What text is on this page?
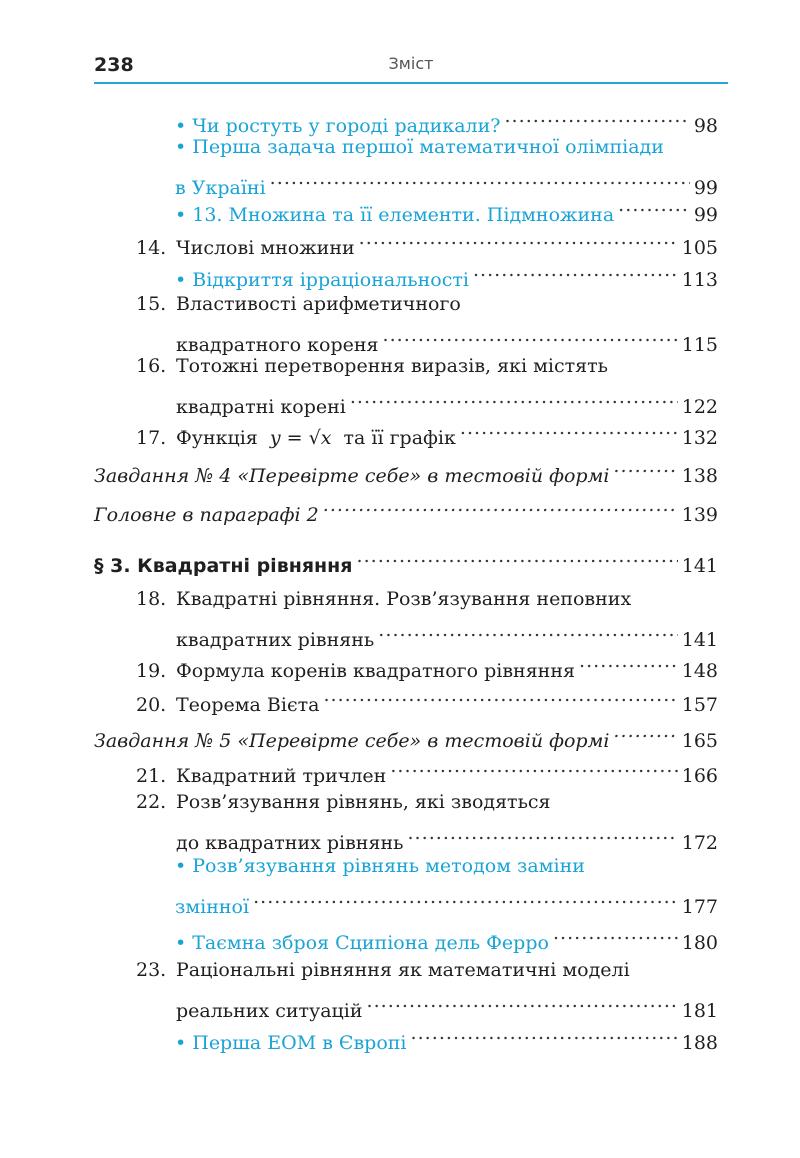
238	Зміст
• Чи ростуть у городі радикали? . . .	98
• Перша задача першої математичної олімпіади
в Україні . . .	99
• 13. Множина та її елементи. Підмножина . . .	99
14. Числові множини . . .	105
• Відкриття ірраціональності . . .	113
15. Властивості арифметичного
квадратного кореня . . .	115
16. Тотожні перетворення виразів, які містять
квадратні корені . . .	122
17. Функція
y = √x
та її графік . . .	132
Завдання № 4 «Перевірте себе» в тестовій формі . . .	138
Головне в параграфі 2 . . .	139
§ 3. Квадратні рівняння . . .	141
18. Квадратні рівняння. Розв’язування неповних
квадратних рівнянь . . .	141
19. Формула коренів квадратного рівняння . . .	148
20. Теорема Вієта . . .	157
Завдання № 5 «Перевірте себе» в тестовій формі . . .	165
21. Квадратний тричлен . . .	166
22. Розв’язування рівнянь, які зводяться
до квадратних рівнянь . . .	172
• Розв’язування рівнянь методом заміни
змінної . . .	177
• Таємна зброя Сципіона дель Ферро . . .	180
23. Раціональні рівняння як математичні моделі
реальних ситуацій . . .	181
• Перша ЕОМ в Європі . . .	188
